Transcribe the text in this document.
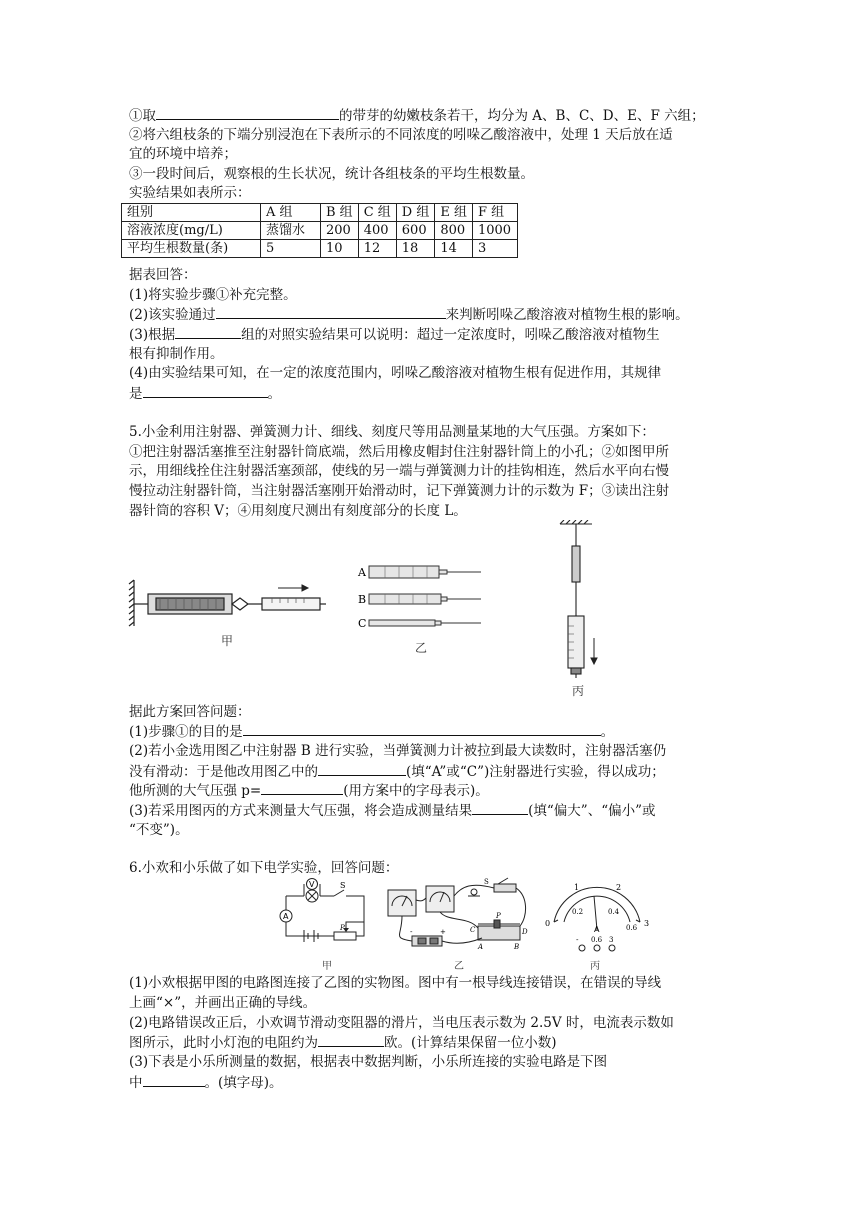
①取	的带芽的幼嫩枝条若干，均分为 A、B、C、D、E、F 六组；
②将六组枝条的下端分别浸泡在下表所示的不同浓度的吲哚乙酸溶液中，处理 1 天后放在适
宜的环境中培养；
③一段时间后，观察根的生长状况，统计各组枝条的平均生根数量。
实验结果如表所示：
组别	A 组	B 组	C 组	D 组	E 组	F 组
溶液浓度(mg/L)	蒸馏水	200	400	600	800	1000
平均生根数量(条)	5	10	12	18	14	3
据表回答：
(1)将实验步骤①补充完整。
(2)该实验通过	来判断吲哚乙酸溶液对植物生根的影响。
(3)根据	组的对照实验结果可以说明：超过一定浓度时，吲哚乙酸溶液对植物生
根有抑制作用。
(4)由实验结果可知，在一定的浓度范围内，吲哚乙酸溶液对植物生根有促进作用，其规律
是	。
5.小金利用注射器、弹簧测力计、细线、刻度尺等用品测量某地的大气压强。方案如下：
①把注射器活塞推至注射器针筒底端，然后用橡皮帽封住注射器针筒上的小孔；②如图甲所
示，用细线拴住注射器活塞颈部，使线的另一端与弹簧测力计的挂钩相连，然后水平向右慢
慢拉动注射器针筒，当注射器活塞刚开始滑动时，记下弹簧测力计的示数为 F；③读出注射
器针筒的容积 V；④用刻度尺测出有刻度部分的长度 L。
甲
A
B
C
乙
丙
据此方案回答问题：
(1)步骤①的目的是	。
(2)若小金选用图乙中注射器 B 进行实验，当弹簧测力计被拉到最大读数时，注射器活塞仍
没有滑动：于是他改用图乙中的	(填“A”或“C”)注射器进行实验，得以成功；
他所测的大气压强 p=	(用方案中的字母表示)。
(3)若采用图丙的方式来测量大气压强，将会造成测量结果	(填“偏大”、“偏小”或
“不变”)。
6.小欢和小乐做了如下电学实验，回答问题：
V
A
S
P
甲
S
C
P
D
A	B
-	+
乙
0
1	2
3
0.2	0.4
0.6
A
- 0.6 3
丙
(1)小欢根据甲图的电路图连接了乙图的实物图。图中有一根导线连接错误，在错误的导线
上画“×”，并画出正确的导线。
(2)电路错误改正后，小欢调节滑动变阻器的滑片，当电压表示数为 2.5V 时，电流表示数如
图所示，此时小灯泡的电阻约为	欧。(计算结果保留一位小数)
(3)下表是小乐所测量的数据，根据表中数据判断，小乐所连接的实验电路是下图
中	。(填字母)。
